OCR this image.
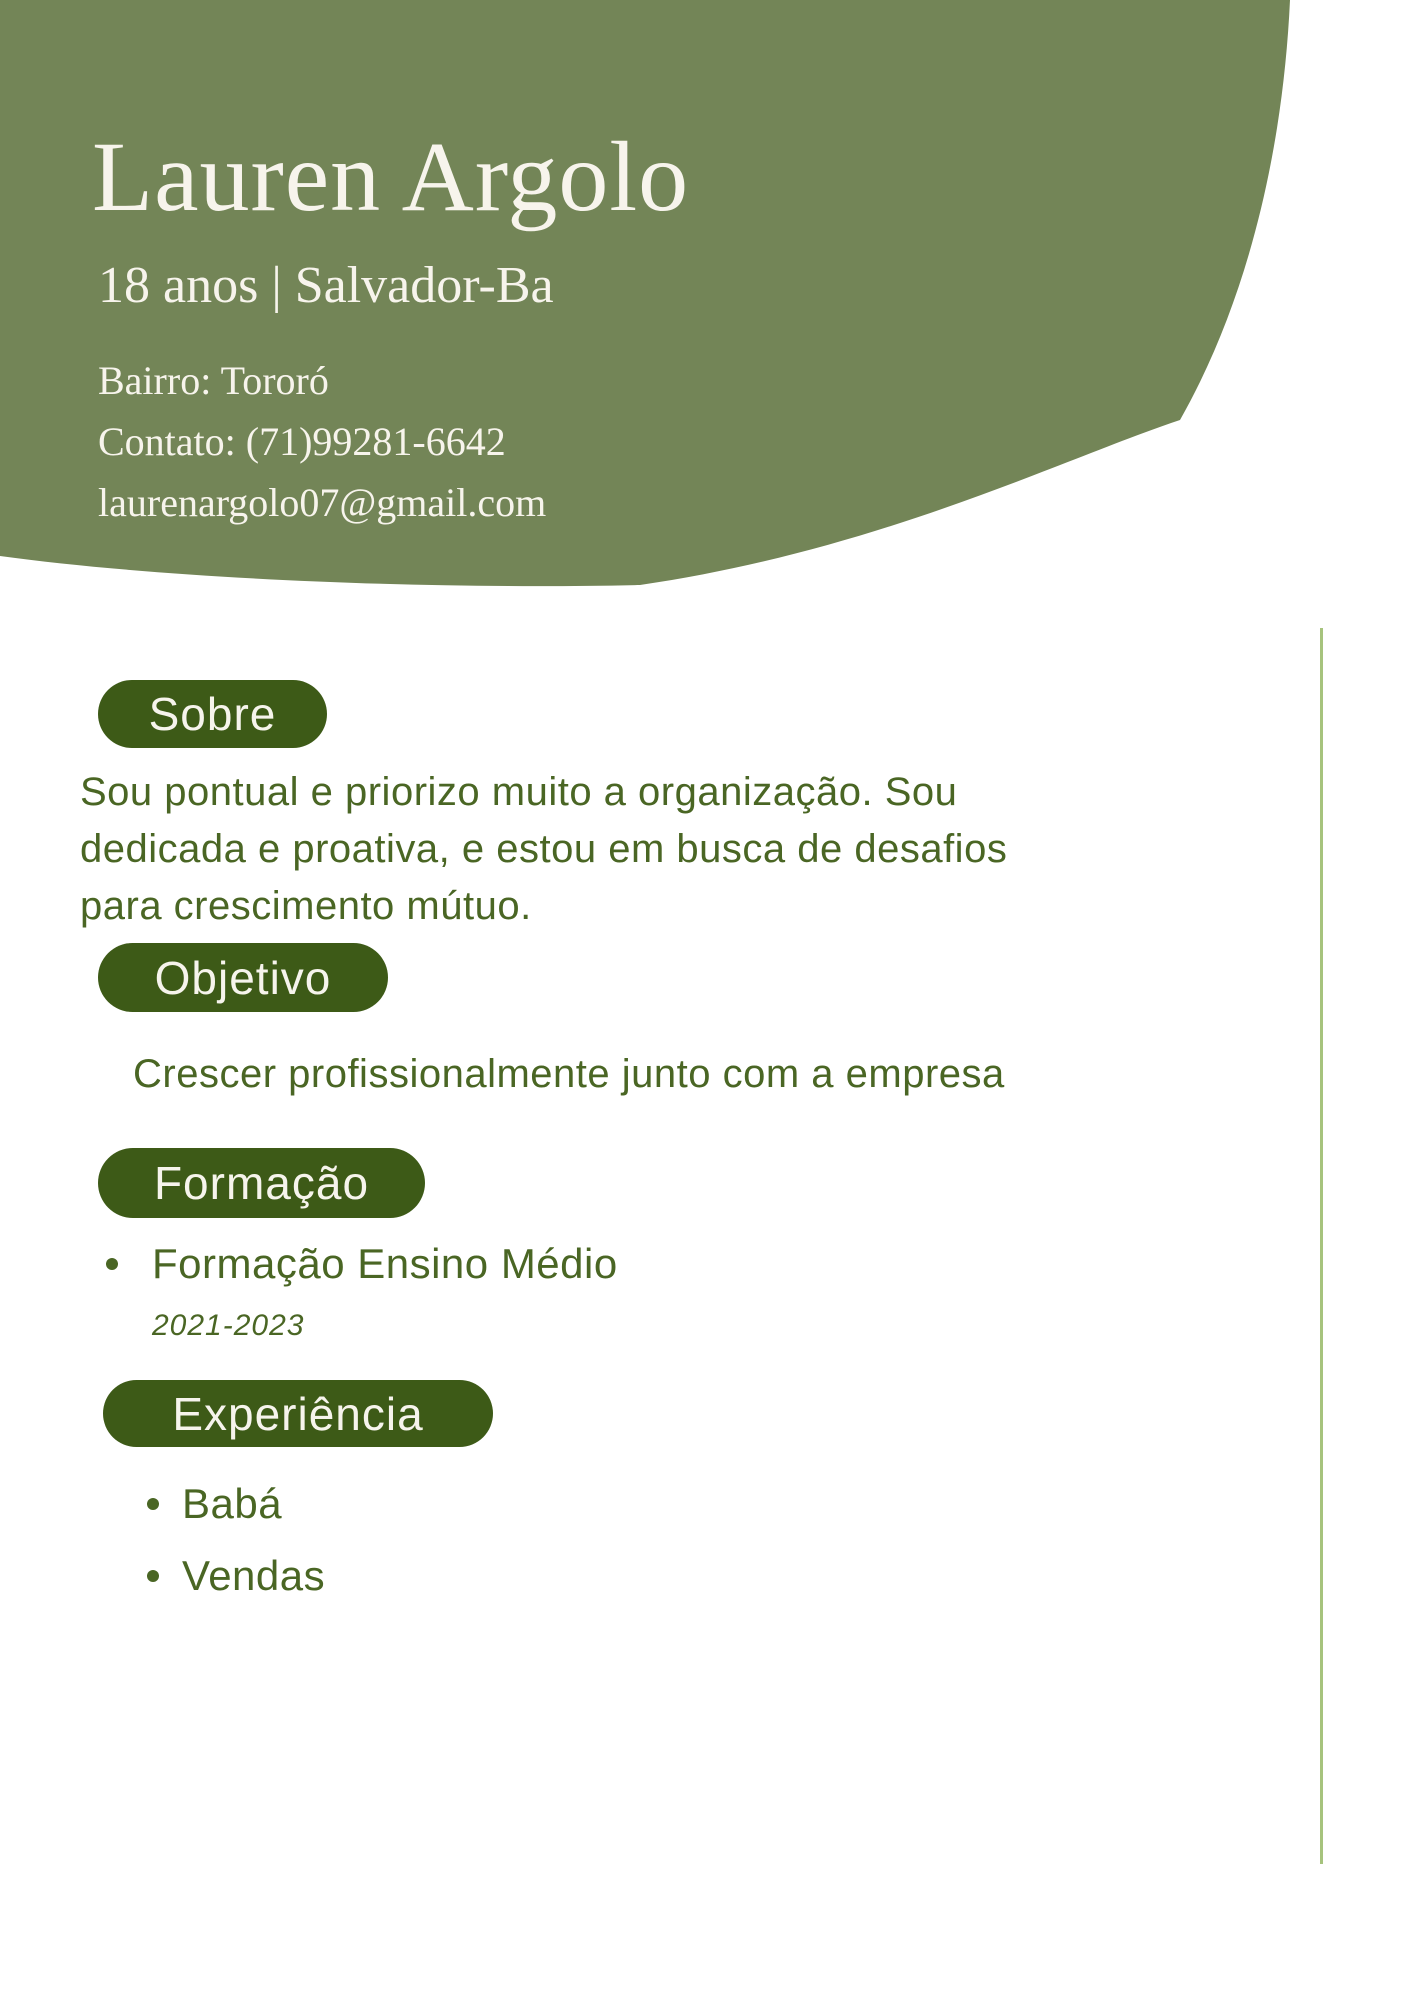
Lauren Argolo
18 anos | Salvador-Ba
Bairro: Tororó
Contato: (71)99281-6642
laurenargolo07@gmail.com
Sobre
Sou pontual e priorizo muito a organização. Sou dedicada e proativa, e estou em busca de desafios para crescimento mútuo.
Objetivo
Crescer profissionalmente junto com a empresa
Formação
Formação Ensino Médio
2021-2023
Experiência
Babá
Vendas
